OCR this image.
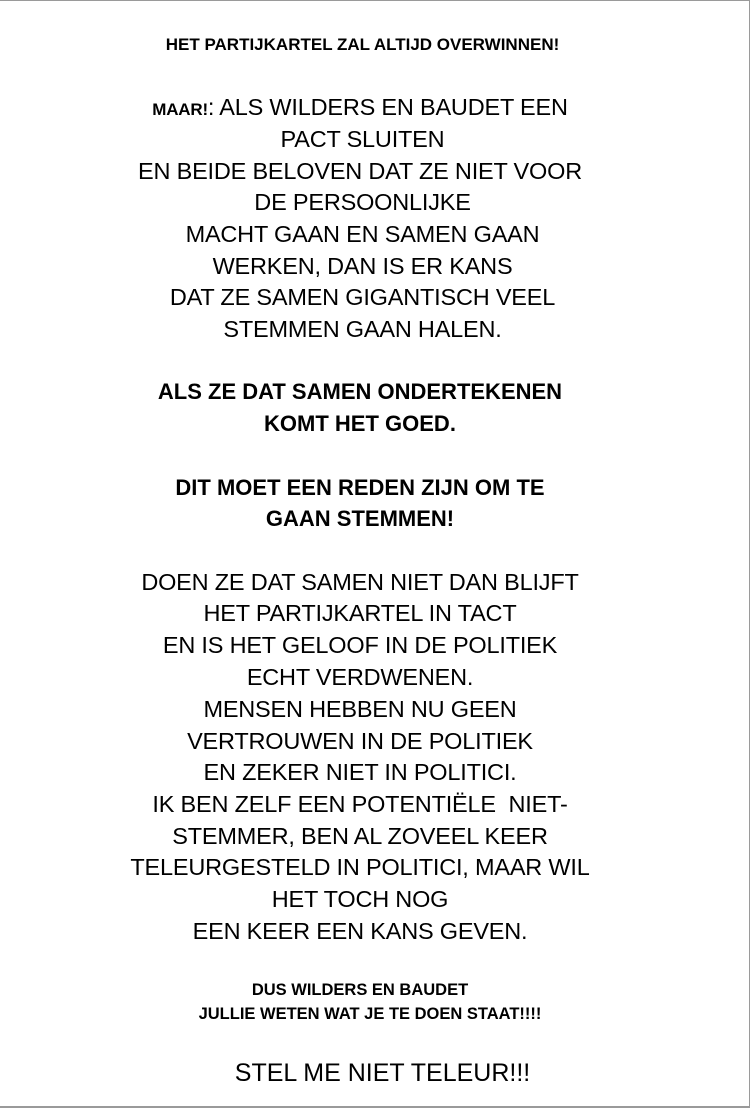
HET PARTIJKARTEL ZAL ALTIJD OVERWINNEN!
MAAR!: ALS WILDERS EN BAUDET EEN
PACT SLUITEN
EN BEIDE BELOVEN DAT ZE NIET VOOR
DE PERSOONLIJKE
MACHT GAAN EN SAMEN GAAN
WERKEN, DAN IS ER KANS
DAT ZE SAMEN GIGANTISCH VEEL
STEMMEN GAAN HALEN.
ALS ZE DAT SAMEN ONDERTEKENEN
KOMT HET GOED.
DIT MOET EEN REDEN ZIJN OM TE
GAAN STEMMEN!
DOEN ZE DAT SAMEN NIET DAN BLIJFT
HET PARTIJKARTEL IN TACT
EN IS HET GELOOF IN DE POLITIEK
ECHT VERDWENEN.
MENSEN HEBBEN NU GEEN
VERTROUWEN IN DE POLITIEK
EN ZEKER NIET IN POLITICI.
IK BEN ZELF EEN POTENTIËLE  NIET-
STEMMER, BEN AL ZOVEEL KEER
TELEURGESTELD IN POLITICI, MAAR WIL
HET TOCH NOG
EEN KEER EEN KANS GEVEN.
DUS WILDERS EN BAUDET
JULLIE WETEN WAT JE TE DOEN STAAT!!!!
STEL ME NIET TELEUR!!!
